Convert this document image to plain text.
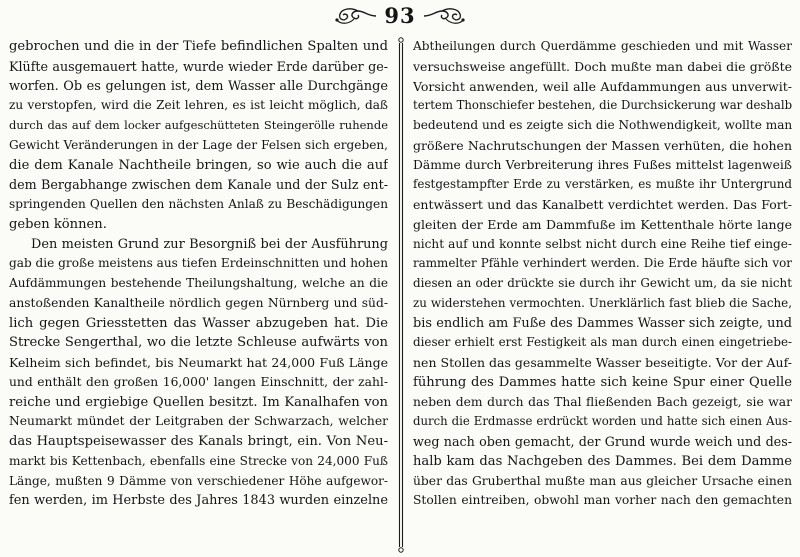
93
gebrochen und die in der Tiefe befindlichen Spalten und
Klüfte ausgemauert hatte, wurde wieder Erde darüber ge-
worfen. Ob es gelungen ist, dem Wasser alle Durchgänge
zu verstopfen, wird die Zeit lehren, es ist leicht möglich, daß
durch das auf dem locker aufgeschütteten Steingerölle ruhende
Gewicht Veränderungen in der Lage der Felsen sich ergeben,
die dem Kanale Nachtheile bringen, so wie auch die auf
dem Bergabhange zwischen dem Kanale und der Sulz ent-
springenden Quellen den nächsten Anlaß zu Beschädigungen
geben können.
Den meisten Grund zur Besorgniß bei der Ausführung
gab die große meistens aus tiefen Erdeinschnitten und hohen
Aufdämmungen bestehende Theilungshaltung, welche an die
anstoßenden Kanaltheile nördlich gegen Nürnberg und süd-
lich gegen Griesstetten das Wasser abzugeben hat. Die
Strecke Sengerthal, wo die letzte Schleuse aufwärts von
Kelheim sich befindet, bis Neumarkt hat 24,000 Fuß Länge
und enthält den großen 16,000' langen Einschnitt, der zahl-
reiche und ergiebige Quellen besitzt. Im Kanalhafen von
Neumarkt mündet der Leitgraben der Schwarzach, welcher
das Hauptspeisewasser des Kanals bringt, ein. Von Neu-
markt bis Kettenbach, ebenfalls eine Strecke von 24,000 Fuß
Länge, mußten 9 Dämme von verschiedener Höhe aufgewor-
fen werden, im Herbste des Jahres 1843 wurden einzelne
Abtheilungen durch Querdämme geschieden und mit Wasser
versuchsweise angefüllt. Doch mußte man dabei die größte
Vorsicht anwenden, weil alle Aufdammungen aus unverwit-
tertem Thonschiefer bestehen, die Durchsickerung war deshalb
bedeutend und es zeigte sich die Nothwendigkeit, wollte man
größere Nachrutschungen der Massen verhüten, die hohen
Dämme durch Verbreiterung ihres Fußes mittelst lagenweiß
festgestampfter Erde zu verstärken, es mußte ihr Untergrund
entwässert und das Kanalbett verdichtet werden. Das Fort-
gleiten der Erde am Dammfuße im Kettenthale hörte lange
nicht auf und konnte selbst nicht durch eine Reihe tief einge-
rammelter Pfähle verhindert werden. Die Erde häufte sich vor
diesen an oder drückte sie durch ihr Gewicht um, da sie nicht
zu widerstehen vermochten. Unerklärlich fast blieb die Sache,
bis endlich am Fuße des Dammes Wasser sich zeigte, und
dieser erhielt erst Festigkeit als man durch einen eingetriebe-
nen Stollen das gesammelte Wasser beseitigte. Vor der Auf-
führung des Dammes hatte sich keine Spur einer Quelle
neben dem durch das Thal fließenden Bach gezeigt, sie war
durch die Erdmasse erdrückt worden und hatte sich einen Aus-
weg nach oben gemacht, der Grund wurde weich und des-
halb kam das Nachgeben des Dammes. Bei dem Damme
über das Gruberthal mußte man aus gleicher Ursache einen
Stollen eintreiben, obwohl man vorher nach den gemachten
